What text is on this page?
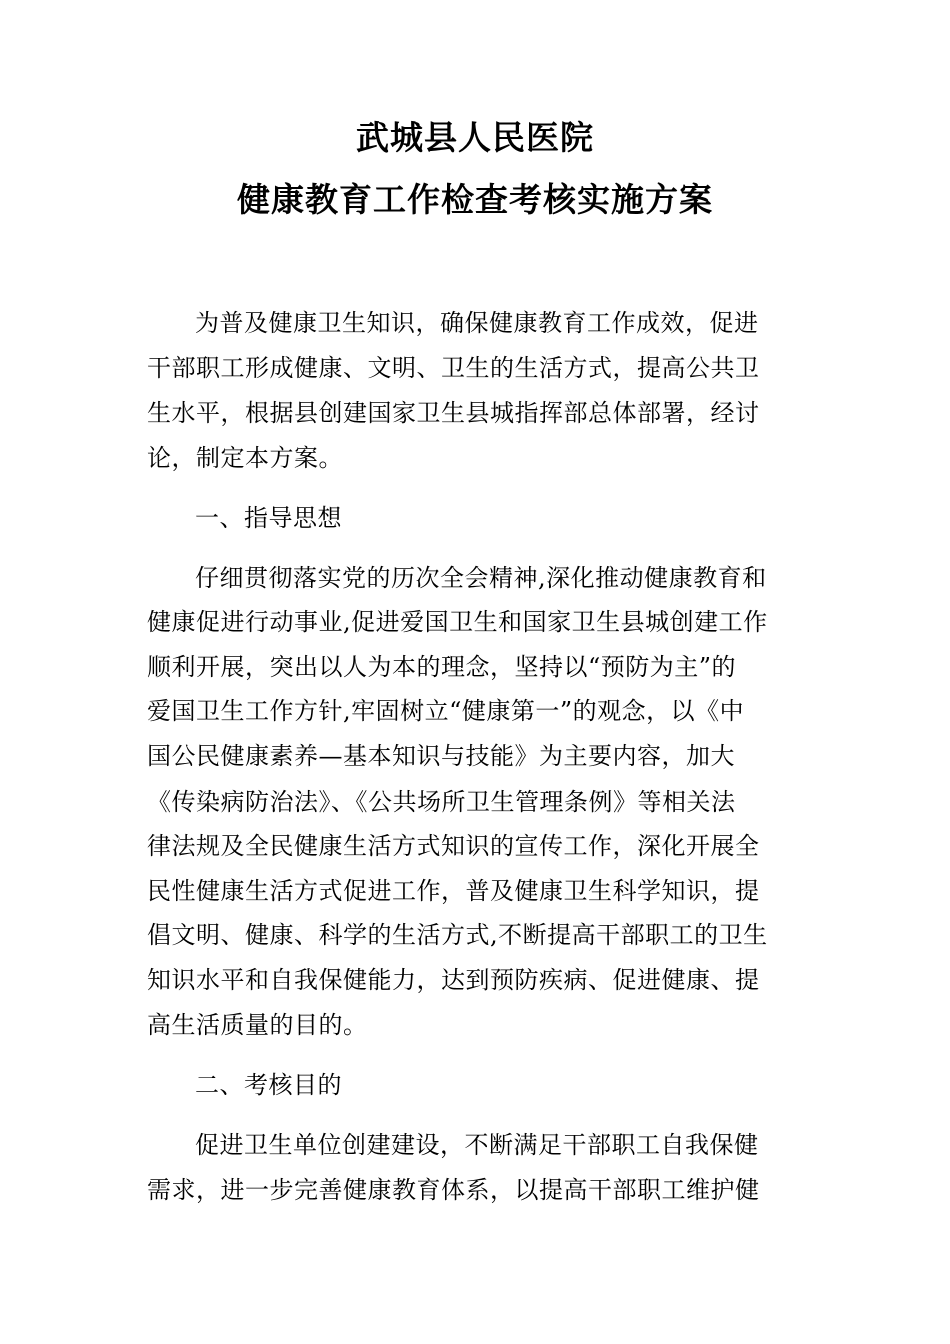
武城县人民医院
健康教育工作检查考核实施方案
为普及健康卫生知识，确保健康教育工作成效，促进
干部职工形成健康、文明、卫生的生活方式，提高公共卫
生水平，根据县创建国家卫生县城指挥部总体部署，经讨
论，制定本方案。
一、指导思想
仔细贯彻落实党的历次全会精神,深化推动健康教育和
健康促进行动事业,促进爱国卫生和国家卫生县城创建工作
顺利开展，突出以人为本的理念，坚持以“预防为主”的
爱国卫生工作方针,牢固树立“健康第一”的观念，以《中
国公民健康素养—基本知识与技能》为主要内容，加大
《传染病防治法》、《公共场所卫生管理条例》等相关法
律法规及全民健康生活方式知识的宣传工作，深化开展全
民性健康生活方式促进工作，普及健康卫生科学知识，提
倡文明、健康、科学的生活方式,不断提高干部职工的卫生
知识水平和自我保健能力，达到预防疾病、促进健康、提
高生活质量的目的。
二、考核目的
促进卫生单位创建建设，不断满足干部职工自我保健
需求，进一步完善健康教育体系，以提高干部职工维护健
